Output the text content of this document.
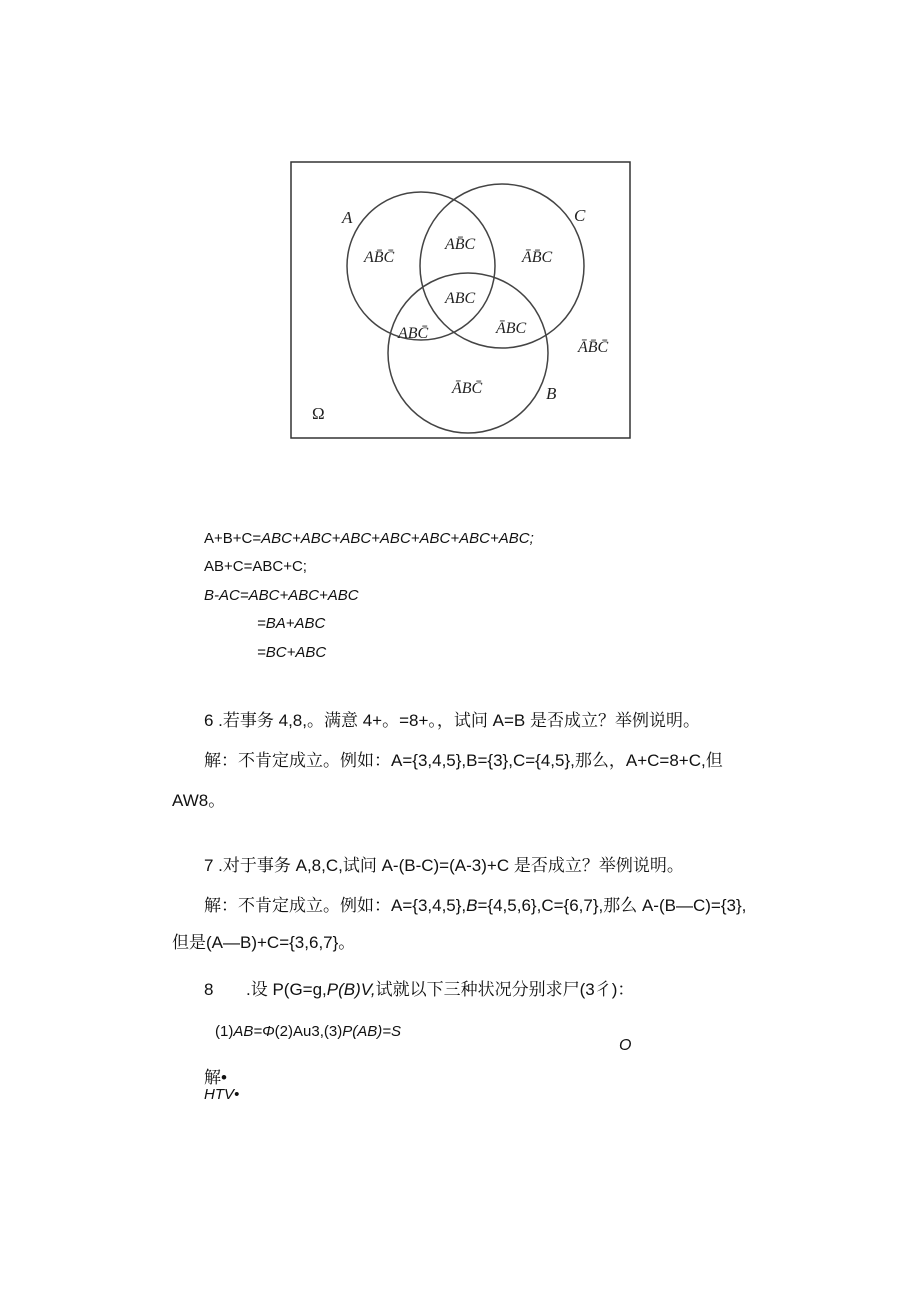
A	C
B
Ω
AB̄C̄
AB̄C
ABC
ABC̄	ĀBC
ĀB̄C
ĀBC̄
ĀB̄C̄
A+B+C=ABC+ABC+ABC+ABC+ABC+ABC+ABC;
AB+C=ABC+C;
B-AC=ABC+ABC+ABC
=BA+ABC
=BC+ABC
6 .若事务 4,8,。满意 4+。=8+。，试问 A=B 是否成立？举例说明。
解：不肯定成立。例如：A={3,4,5},B={3},C={4,5},那么，A+C=8+C,但
AW8。
7 .对于事务 A,8,C,试问 A-(B-C)=(A-3)+C 是否成立？举例说明。
解：不肯定成立。例如：A={3,4,5},B={4,5,6},C={6,7},那么 A-(B—C)={3},
但是(A—B)+C={3,6,7}。
8 .设 P(G=g,P(B)V,试就以下三种状况分别求尸(3彳)：
(1)AB=Φ(2)Au3,(3)P(AB)=S
O
解•
HTV•
